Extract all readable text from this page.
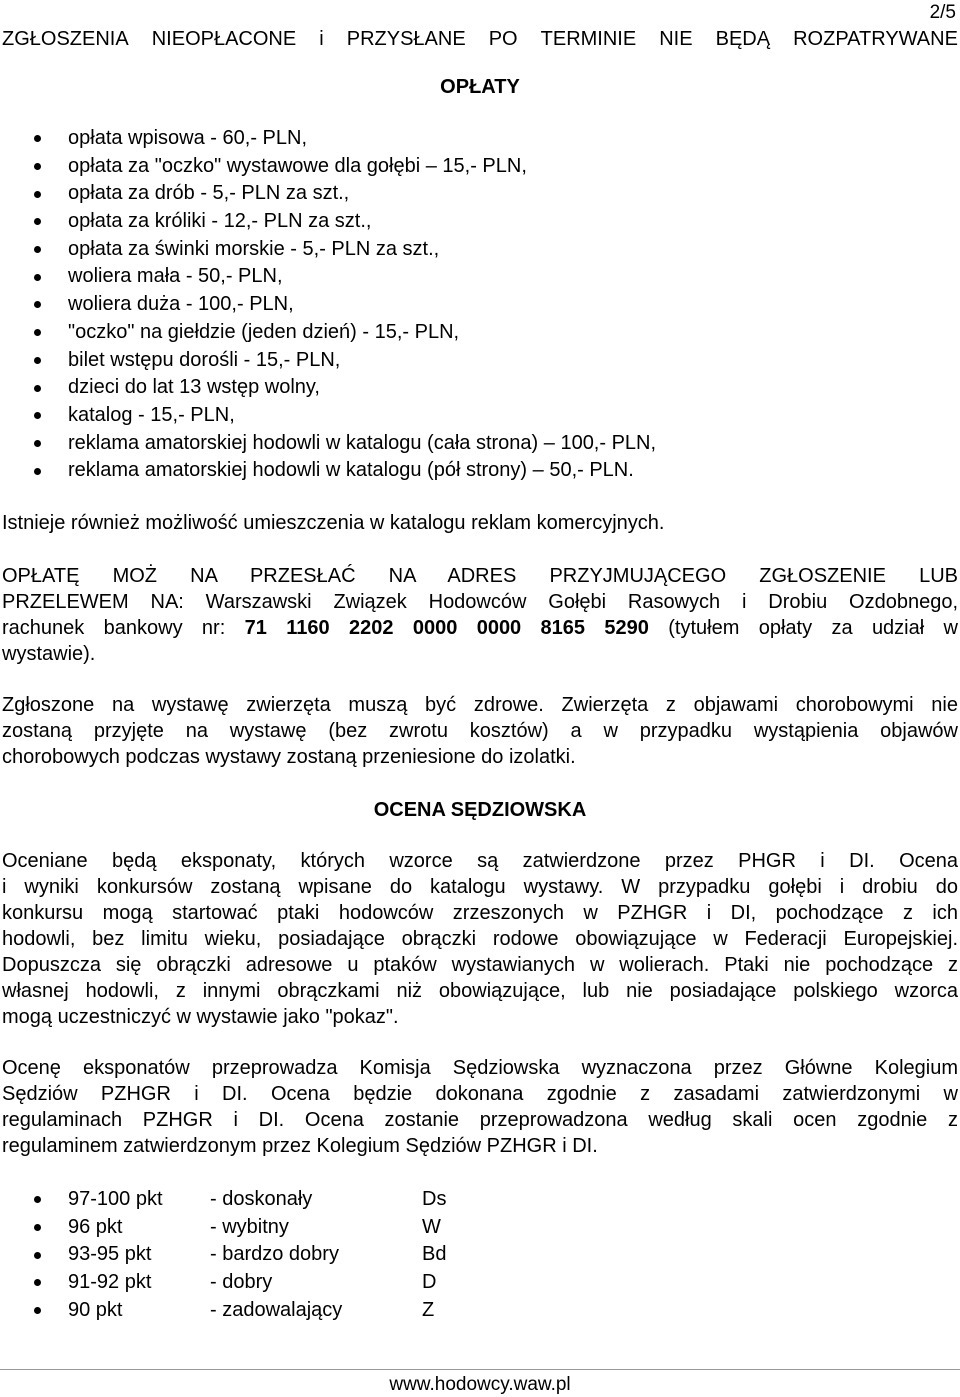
2/5
ZGŁOSZENIA NIEOPŁACONE i PRZYSŁANE PO TERMINIE NIE BĘDĄ ROZPATRYWANE
OPŁATY
opłata wpisowa - 60,- PLN,
opłata za "oczko" wystawowe dla gołębi – 15,- PLN,
opłata za drób - 5,- PLN za szt.,
opłata za króliki - 12,- PLN za szt.,
opłata za świnki morskie - 5,- PLN za szt.,
woliera mała - 50,- PLN,
woliera duża - 100,- PLN,
"oczko" na giełdzie (jeden dzień) - 15,- PLN,
bilet wstępu dorośli - 15,- PLN,
dzieci do lat 13 wstęp wolny,
katalog - 15,- PLN,
reklama amatorskiej hodowli w katalogu (cała strona) – 100,- PLN,
reklama amatorskiej hodowli w katalogu (pół strony) – 50,- PLN.
Istnieje również możliwość umieszczenia w katalogu reklam komercyjnych.
OPŁATĘ MOŻ NA PRZESŁAĆ NA ADRES PRZYJMUJĄCEGO ZGŁOSZENIE LUB
PRZELEWEM NA: Warszawski Związek Hodowców Gołębi Rasowych i Drobiu Ozdobnego,
rachunek bankowy nr: 71 1160 2202 0000 0000 8165 5290 (tytułem opłaty za udział w
wystawie).
Zgłoszone na wystawę zwierzęta muszą być zdrowe. Zwierzęta z objawami chorobowymi nie
zostaną przyjęte na wystawę (bez zwrotu kosztów) a w przypadku wystąpienia objawów
chorobowych podczas wystawy zostaną przeniesione do izolatki.
OCENA SĘDZIOWSKA
Oceniane będą eksponaty, których wzorce są zatwierdzone przez PHGR i DI. Ocena
i wyniki konkursów zostaną wpisane do katalogu wystawy. W przypadku gołębi i drobiu do
konkursu mogą startować ptaki hodowców zrzeszonych w PZHGR i DI, pochodzące z ich
hodowli, bez limitu wieku, posiadające obrączki rodowe obowiązujące w Federacji Europejskiej.
Dopuszcza się obrączki adresowe u ptaków wystawianych w wolierach. Ptaki nie pochodzące z
własnej hodowli, z innymi obrączkami niż obowiązujące, lub nie posiadające polskiego wzorca
mogą uczestniczyć w wystawie jako "pokaz".
Ocenę eksponatów przeprowadza Komisja Sędziowska wyznaczona przez Główne Kolegium
Sędziów PZHGR i DI. Ocena będzie dokonana zgodnie z zasadami zatwierdzonymi w
regulaminach PZHGR i DI. Ocena zostanie przeprowadzona według skali ocen zgodnie z
regulaminem zatwierdzonym przez Kolegium Sędziów PZHGR i DI.
97-100 pkt - doskonały	Ds
96 pkt	- wybitny	W
93-95 pkt	- bardzo dobry	Bd
91-92 pkt	- dobry	D
90 pkt	- zadowalający	Z
www.hodowcy.waw.pl
